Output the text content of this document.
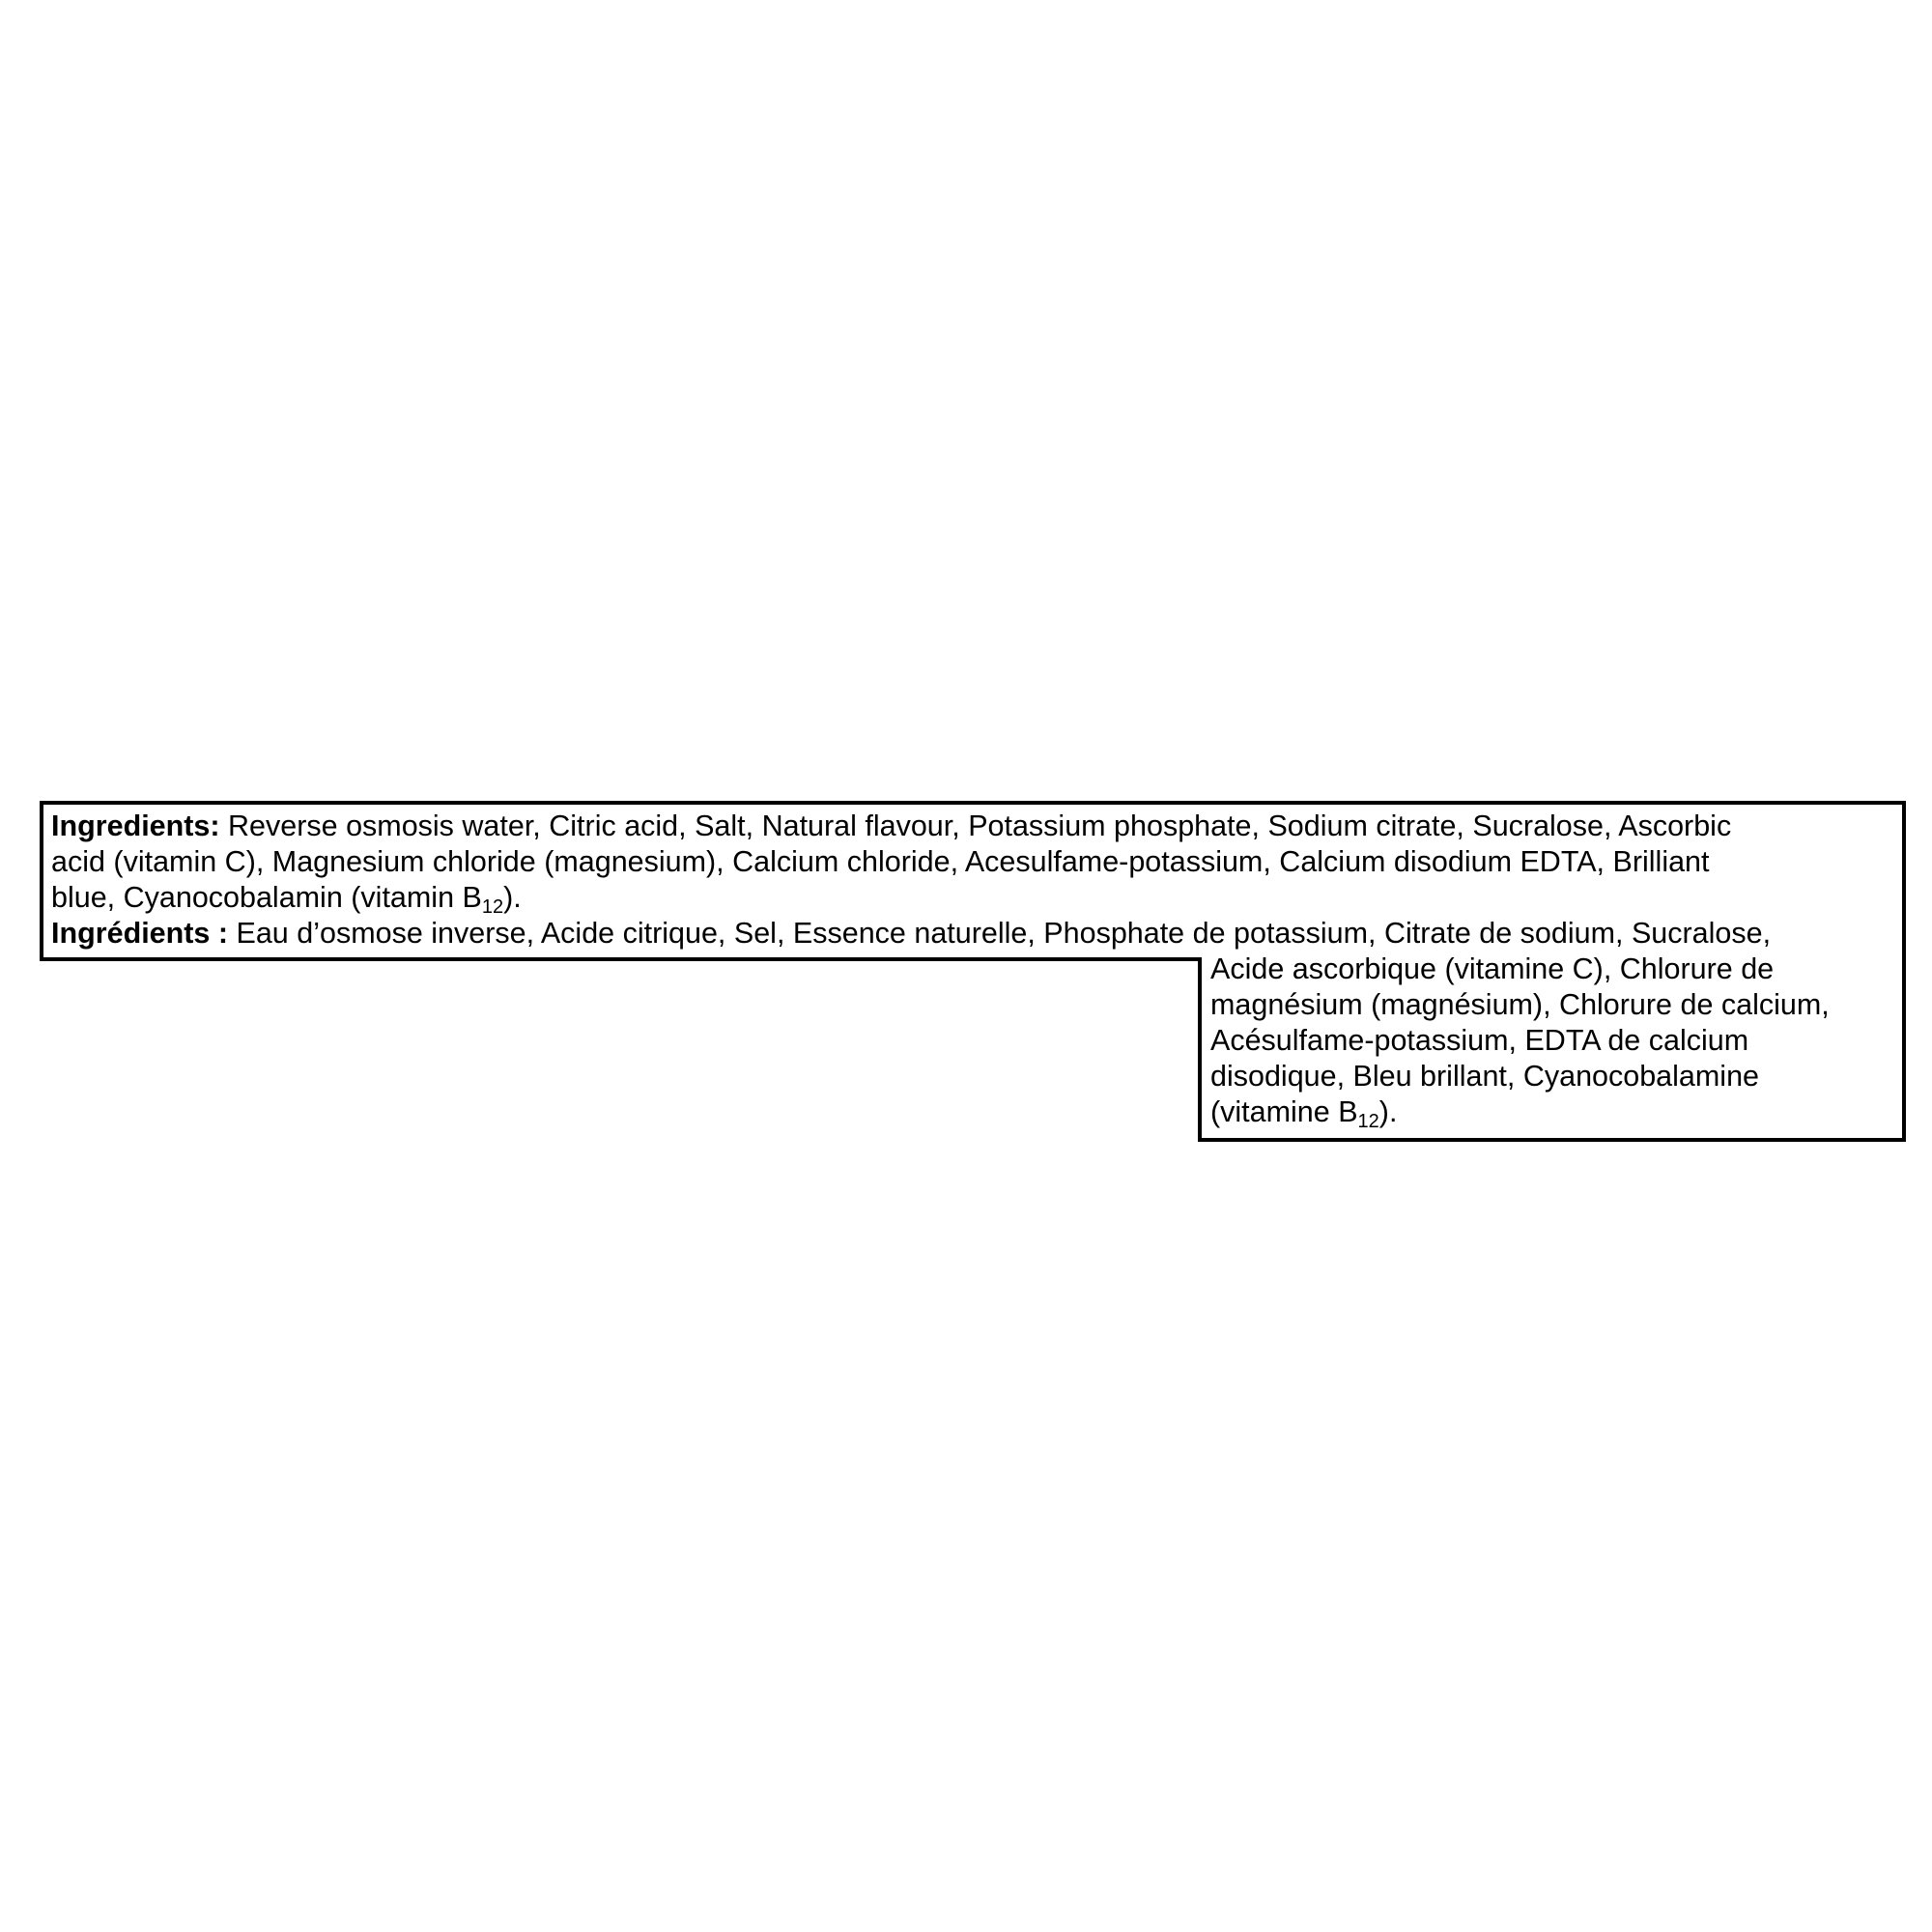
Ingredients: Reverse osmosis water, Citric acid, Salt, Natural flavour, Potassium phosphate, Sodium citrate, Sucralose, Ascorbic
acid (vitamin C), Magnesium chloride (magnesium), Calcium chloride, Acesulfame-potassium, Calcium disodium EDTA, Brilliant
blue, Cyanocobalamin (vitamin B12).
Ingrédients : Eau d’osmose inverse, Acide citrique, Sel, Essence naturelle, Phosphate de potassium, Citrate de sodium, Sucralose,
Acide ascorbique (vitamine C), Chlorure de
magnésium (magnésium), Chlorure de calcium,
Acésulfame-potassium, EDTA de calcium
disodique, Bleu brillant, Cyanocobalamine
(vitamine B12).
